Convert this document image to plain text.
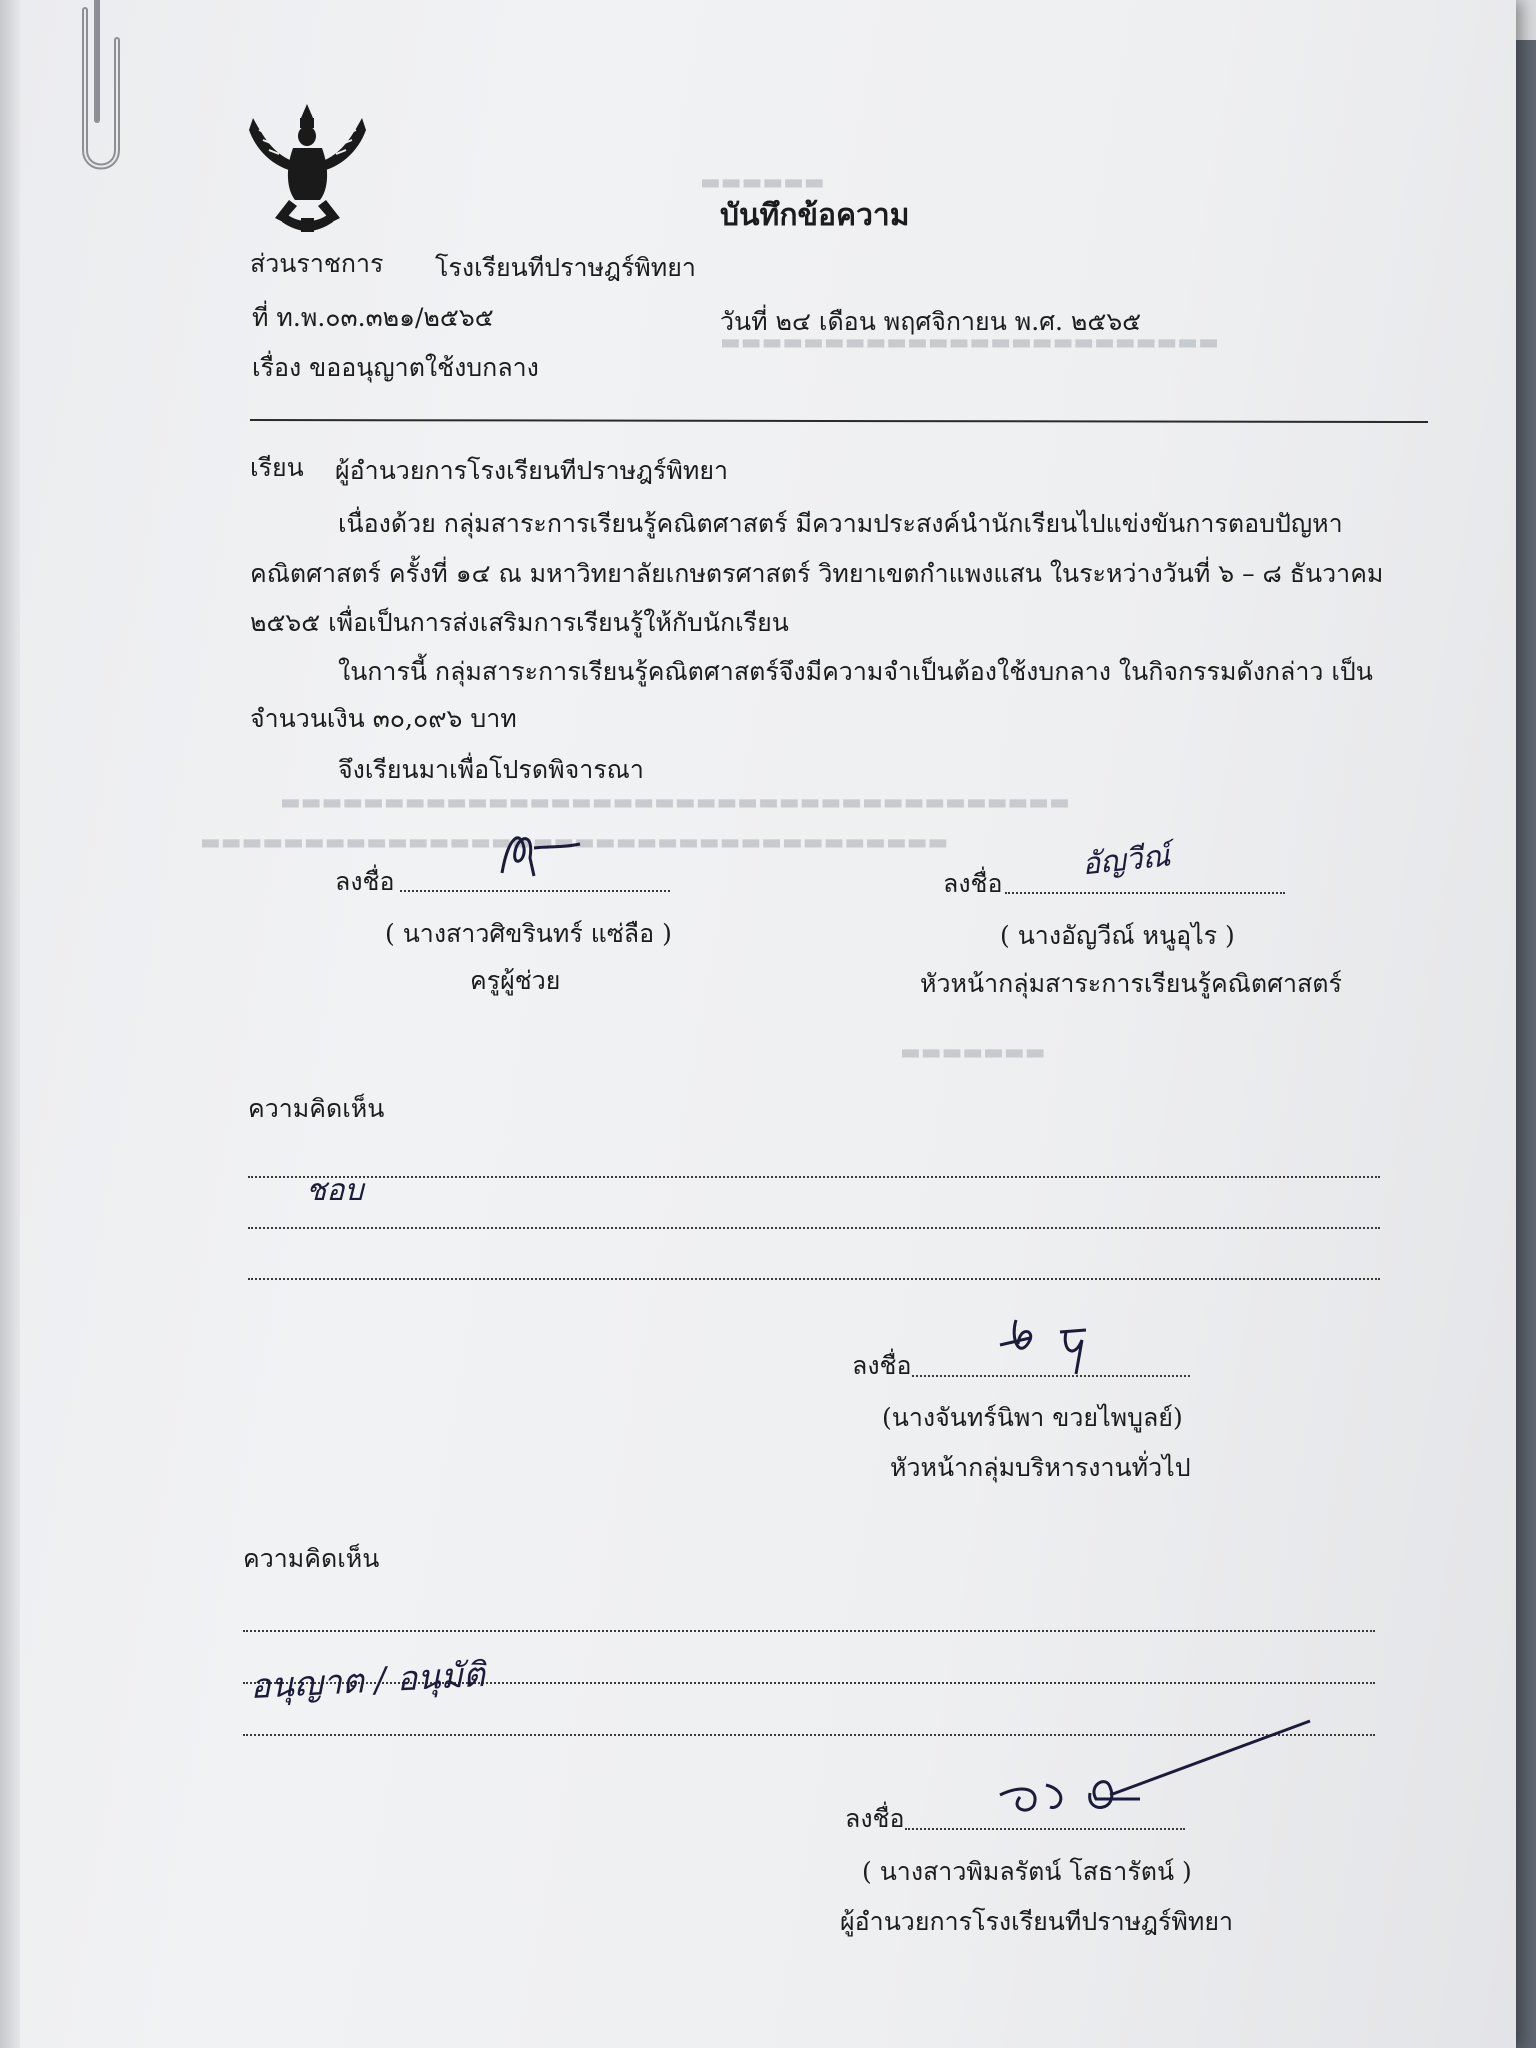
▬▬▬▬▬▬
▬▬▬▬▬▬▬▬▬▬▬▬▬▬▬▬▬▬▬▬▬▬▬▬
▬▬▬▬▬▬▬▬▬▬▬▬▬▬▬▬▬▬▬▬▬▬▬▬▬▬▬▬▬▬▬▬▬▬▬▬▬▬
▬▬▬▬▬▬▬▬▬▬▬▬▬▬▬▬▬▬▬▬▬▬▬▬▬▬▬▬▬▬▬▬▬▬▬▬
▬▬▬▬▬▬▬
บันทึกข้อความ
ส่วนราชการ โรงเรียนทีปราษฎร์พิทยา
ที่ ท.พ.๐๓.๓๒๑/๒๕๖๕	วันที่ ๒๔ เดือน พฤศจิกายน พ.ศ. ๒๕๖๕
เรื่อง ขออนุญาตใช้งบกลาง
เรียน ผู้อำนวยการโรงเรียนทีปราษฎร์พิทยา
เนื่องด้วย กลุ่มสาระการเรียนรู้คณิตศาสตร์ มีความประสงค์นำนักเรียนไปแข่งขันการตอบปัญหา
คณิตศาสตร์ ครั้งที่ ๑๔ ณ มหาวิทยาลัยเกษตรศาสตร์ วิทยาเขตกำแพงแสน ในระหว่างวันที่ ๖ – ๘ ธันวาคม
๒๕๖๕ เพื่อเป็นการส่งเสริมการเรียนรู้ให้กับนักเรียน
ในการนี้ กลุ่มสาระการเรียนรู้คณิตศาสตร์จึงมีความจำเป็นต้องใช้งบกลาง ในกิจกรรมดังกล่าว เป็น
จำนวนเงิน ๓๐,๐๙๖ บาท
จึงเรียนมาเพื่อโปรดพิจารณา
ลงชื่อ
( นางสาวศิขรินทร์ แซ่ลือ )
ครูผู้ช่วย
ลงชื่อ
อัญวีณ์
( นางอัญวีณ์ หนูอุไร )
หัวหน้ากลุ่มสาระการเรียนรู้คณิตศาสตร์
ความคิดเห็น
ชอบ
ลงชื่อ
(นางจันทร์นิพา ขวยไพบูลย์)
หัวหน้ากลุ่มบริหารงานทั่วไป
ความคิดเห็น
อนุญาต / อนุมัติ
ลงชื่อ
( นางสาวพิมลรัตน์ โสธารัตน์ )
ผู้อำนวยการโรงเรียนทีปราษฎร์พิทยา
